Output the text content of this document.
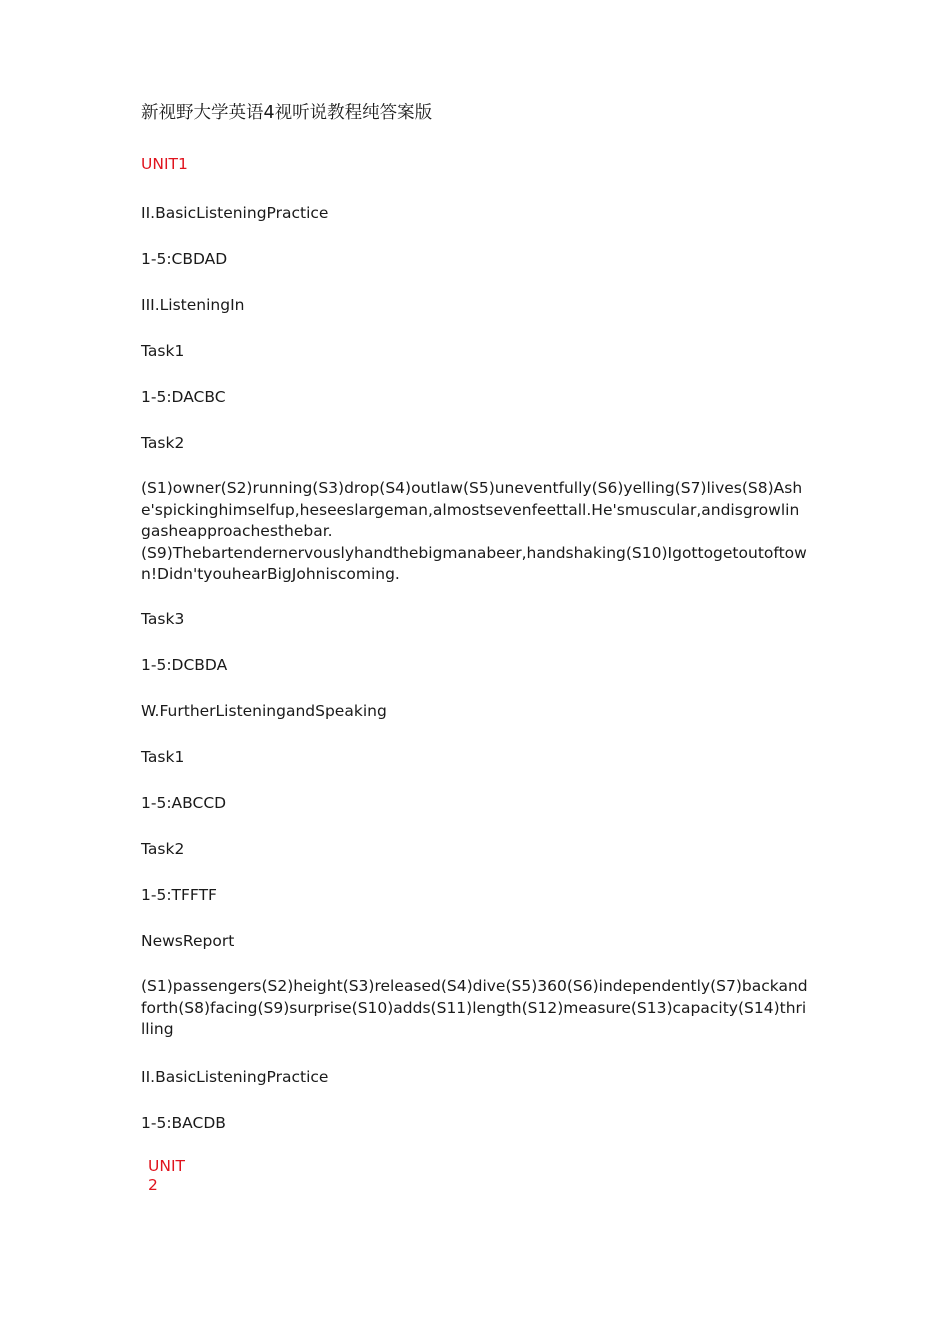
新视野大学英语4视听说教程纯答案版
UNIT1
II.BasicListeningPractice
1-5:CBDAD
III.ListeningIn
Task1
1-5:DACBC
Task2
(S1)owner(S2)running(S3)drop(S4)outlaw(S5)uneventfully(S6)yelling(S7)lives(S8)Ashe'spickinghimselfup,heseeslargeman,almostsevenfeettall.He'smuscular,andisgrowlingasheapproachesthebar.
(S9)Thebartendernervouslyhandthebigmanabeer,handshaking(S10)Igottogetoutoftown!Didn'tyouhearBigJohniscoming.
Task3
1-5:DCBDA
W.FurtherListeningandSpeaking
Task1
1-5:ABCCD
Task2
1-5:TFFTF
NewsReport
(S1)passengers(S2)height(S3)released(S4)dive(S5)360(S6)independently(S7)backandforth(S8)facing(S9)surprise(S10)adds(S11)length(S12)measure(S13)capacity(S14)thrilling
II.BasicListeningPractice
1-5:BACDB
UNIT
2
